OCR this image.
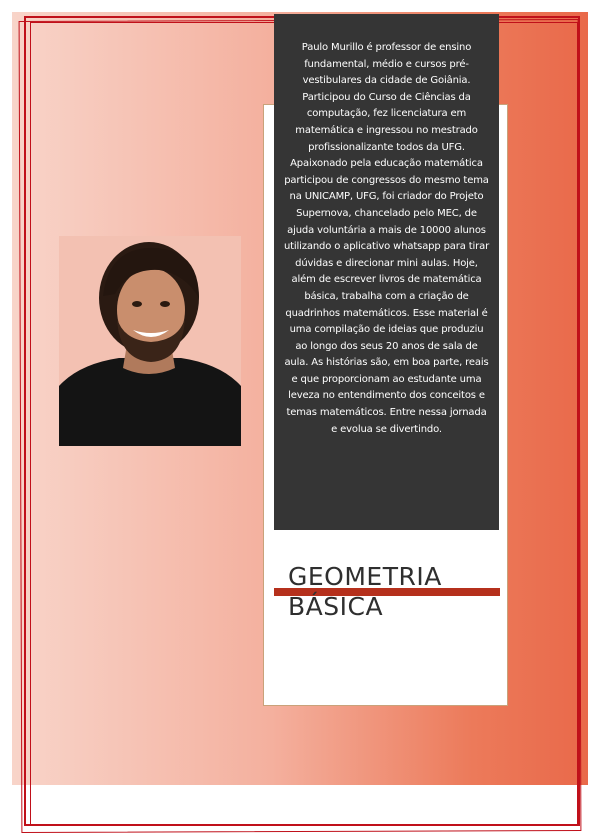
Paulo Murillo é professor de ensino fundamental, médio e cursos pré-vestibulares da cidade de Goiânia. Participou do Curso de Ciências da computação, fez licenciatura em matemática e ingressou no mestrado profissionalizante todos da UFG. Apaixonado pela educação matemática participou de congressos do mesmo tema na UNICAMP, UFG, foi criador do Projeto Supernova, chancelado pelo MEC, de ajuda voluntária a mais de 10000 alunos utilizando o aplicativo whatsapp para tirar dúvidas e direcionar mini aulas. Hoje, além de escrever livros de matemática básica, trabalha com a criação de quadrinhos matemáticos. Esse material é uma compilação de ideias que produziu ao longo dos seus 20 anos de sala de aula. As histórias são, em boa parte, reais e que proporcionam ao estudante uma leveza no entendimento dos conceitos e temas matemáticos. Entre nessa jornada e evolua se divertindo.

GEOMETRIA
BÁSICA
